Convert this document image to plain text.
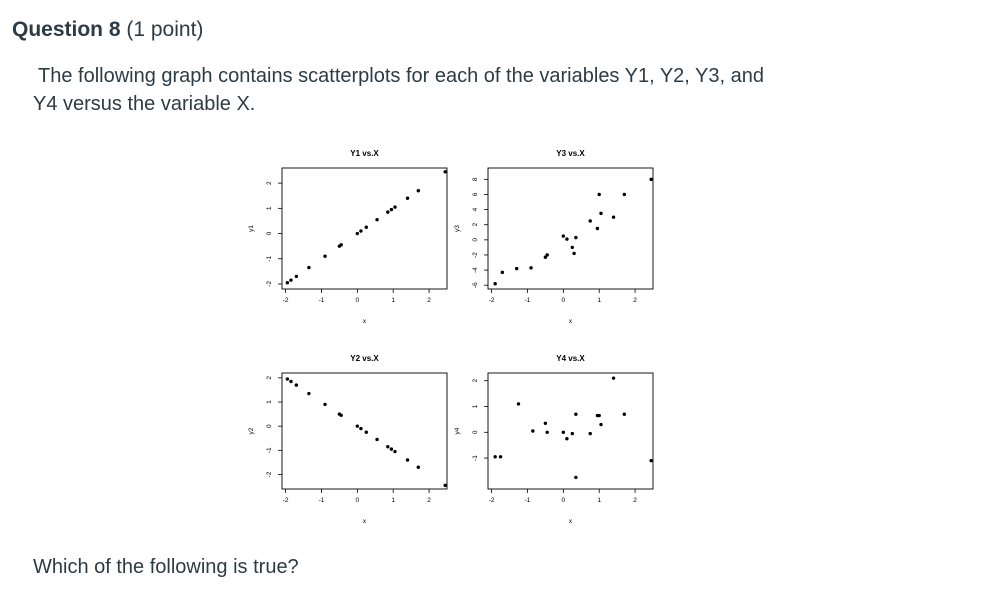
Question 8 (1 point)

The following graph contains scatterplots for each of the variables Y1, Y2, Y3, and

Y4 versus the variable X.

Y1 vs.X
-2	-1	0	1	2
x
-2
-1
0
1
2
y1
Y3 vs.X
-2	-1	0	1	2
x
-6
-4
-2
0
2
4
6
8
y3
Y2 vs.X
-2	-1	0	1	2
x
-2
-1
0
1
2
y2
Y4 vs.X
-2	-1	0	1	2
x
-1
0
1
2
y4
Which of the following is true?
